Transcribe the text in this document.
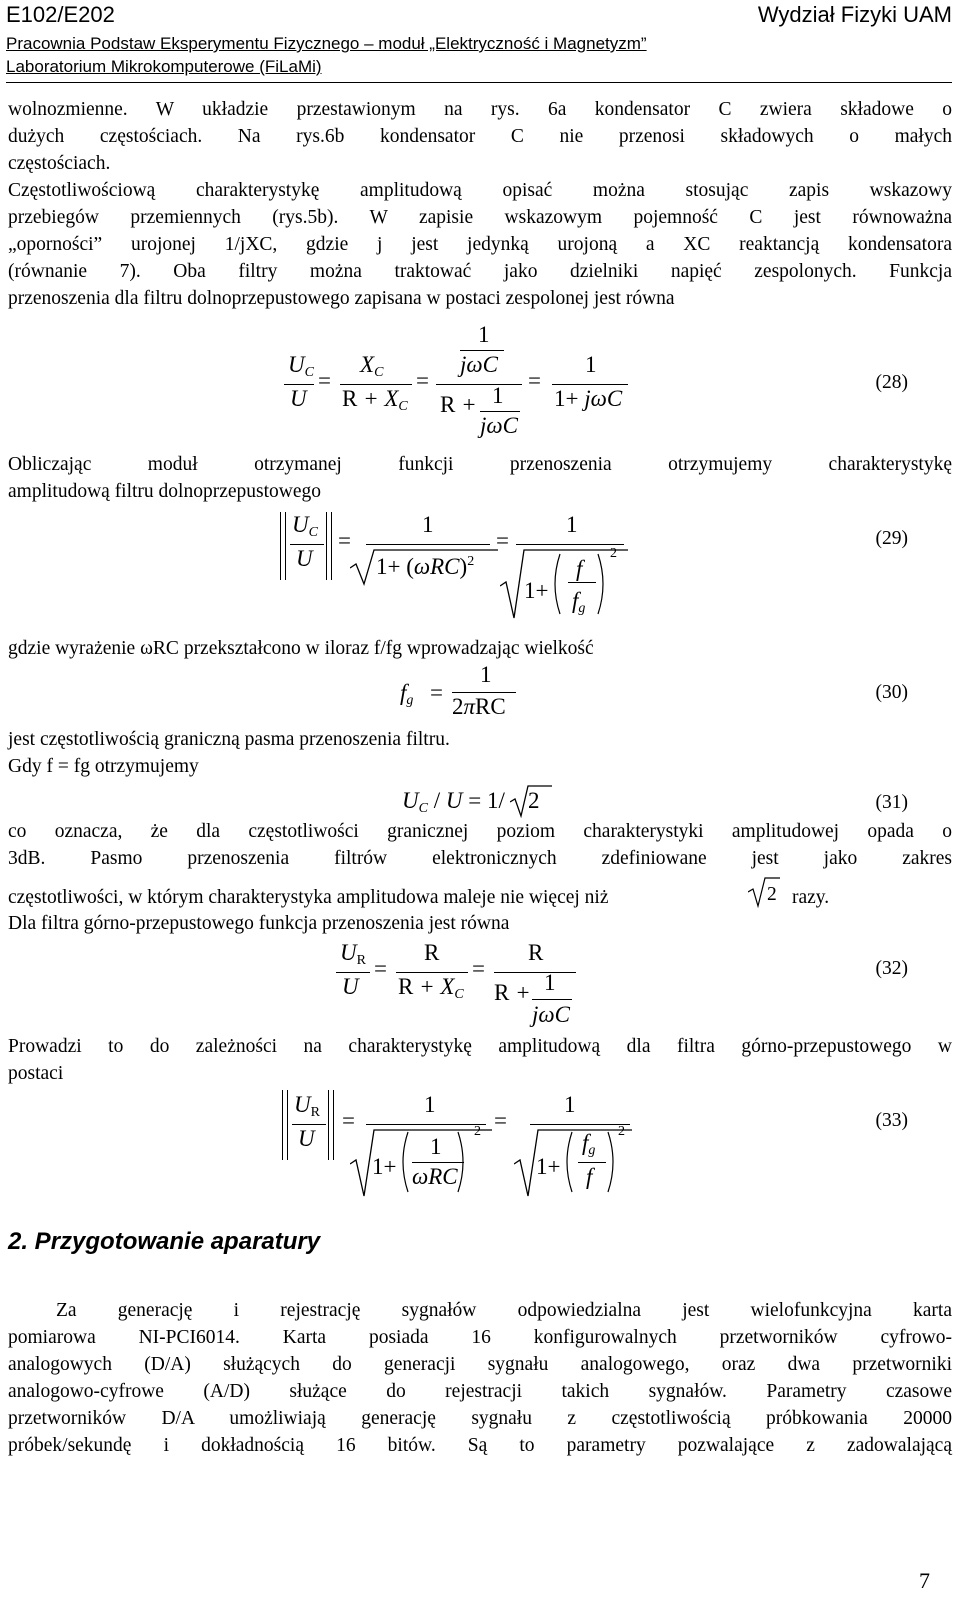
E102/E202	Wydział Fizyki UAM
Pracownia Podstaw Eksperymentu Fizycznego – moduł „Elektryczność i Magnetyzm”
Laboratorium Mikrokomputerowe (FiLaMi)
wolnozmienne. W układzie przestawionym na rys. 6a kondensator C zwiera składowe o
dużych częstościach. Na rys.6b kondensator C nie przenosi składowych o małych
częstościach.
Częstotliwościową charakterystykę amplitudową opisać można stosując zapis wskazowy
przebiegów przemiennych (rys.5b). W zapisie wskazowym pojemność C jest równoważna
„oporności” urojonej 1/jXC, gdzie j jest jedynką urojoną a XC reaktancją kondensatora
(równanie 7). Oba filtry można traktować jako dzielniki napięć zespolonych. Funkcja
przenoszenia dla filtru dolnoprzepustowego zapisana w postaci zespolonej jest równa
$U_C$
U
=
$X_C$
$R + X_C$
=
1
jωC
R + 1
jωC
=
1
1+ jωC
(28)
Obliczając moduł otrzymanej funkcji przenoszenia otrzymujemy charakterystykę
amplitudową filtru dolnoprzepustowego
$U_C$
U
=
1
$1+ (\omega RC)^2$
=
1
1+
2
f
$f_g$
(29)
gdzie wyrażenie ωRC przekształcono w iloraz f/fg wprowadzając wielkość
$f_g$ =
1
2πRC
(30)
jest częstotliwością graniczną pasma przenoszenia filtru.
Gdy f = fg otrzymujemy
$U_C / U = 1/$ 2	(31)
co oznacza, że dla częstotliwości granicznej poziom charakterystyki amplitudowej opada o
3dB. Pasmo przenoszenia filtrów elektronicznych zdefiniowane jest jako zakres
częstotliwości, w którym charakterystyka amplitudowa maleje nie więcej niż	2 razy.
Dla filtra górno-przepustowego funkcja przenoszenia jest równa
$U_R$
U
=
R
$R + X_C$
=
R
R + 1
jωC
(32)
Prowadzi to do zależności na charakterystykę amplitudową dla filtra górno-przepustowego w
postaci
$U_R$
U
=
1
1+
2
1
ωRC
=
1
1+
2
$f_g$
f
(33)
2. Przygotowanie aparatury
Za generację i rejestrację sygnałów odpowiedzialna jest wielofunkcyjna karta
pomiarowa NI-PCI6014. Karta posiada 16 konfigurowalnych przetworników cyfrowo-
analogowych (D/A) służących do generacji sygnału analogowego, oraz dwa przetworniki
analogowo-cyfrowe (A/D) służące do rejestracji takich sygnałów. Parametry czasowe
przetworników D/A umożliwiają generację sygnału z częstotliwością próbkowania 20000
próbek/sekundę i dokładnością 16 bitów. Są to parametry pozwalające z zadowalającą
7
